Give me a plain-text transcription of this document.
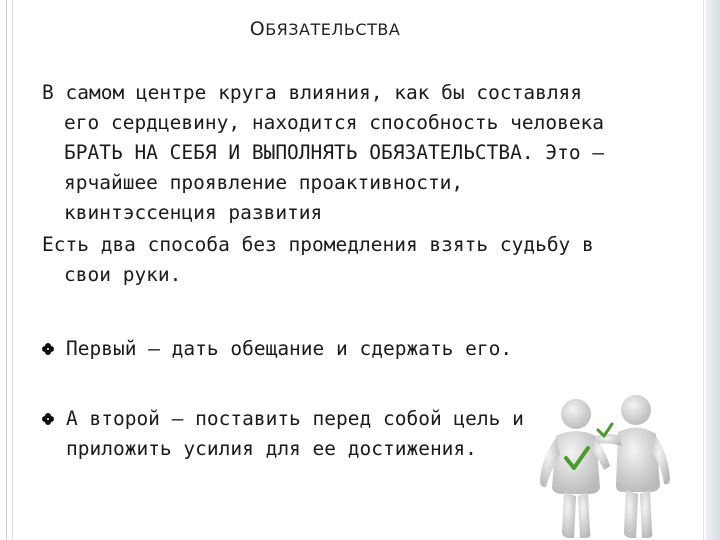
ОБЯЗАТЕЛЬСТВА

В самом центре круга влияния, как бы составляя его сердцевину, находится способность человека БРАТЬ НА СЕБЯ И ВЫПОЛНЯТЬ ОБЯЗАТЕЛЬСТВА. Это — ярчайшее проявление проактивности, квинтэссенция развития

Есть два способа без промедления взять судьбу в свои руки.

Первый — дать обещание и сдержать его.
А второй — поставить перед собой цель и приложить усилия для ее достижения.
